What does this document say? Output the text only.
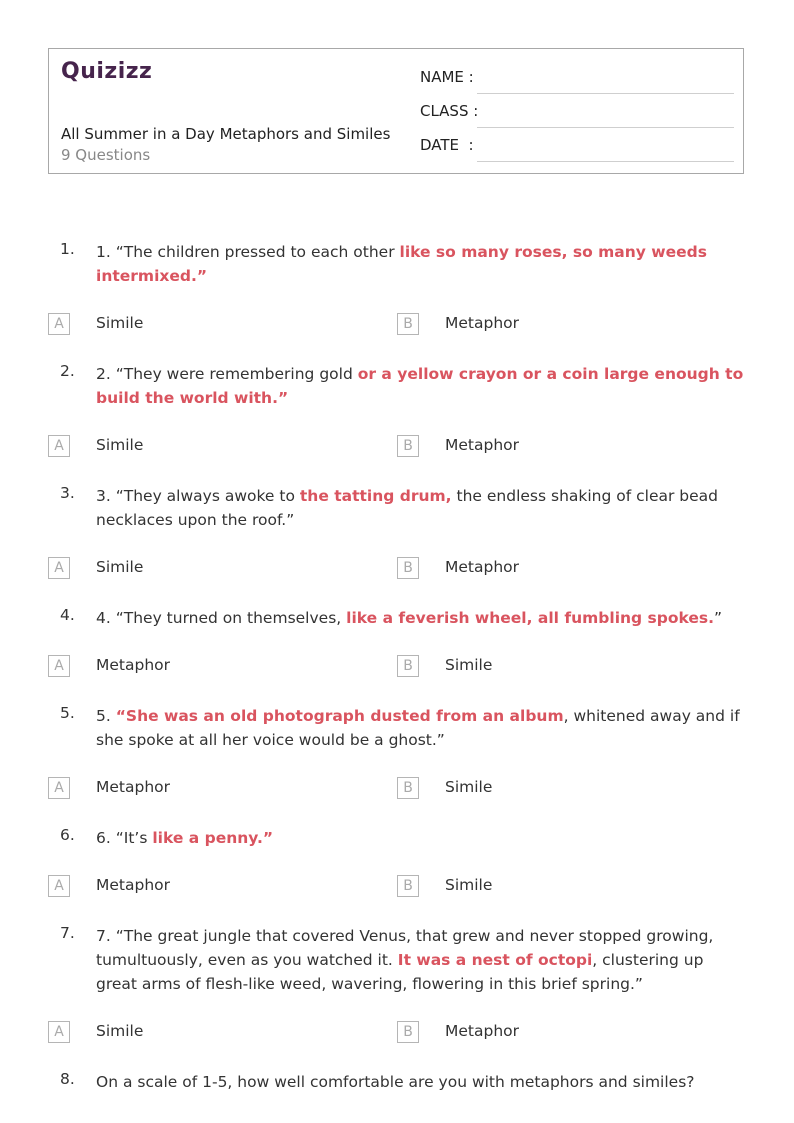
Quizizz
All Summer in a Day Metaphors and Similes
9 Questions
NAME :
CLASS :
DATE  :
1.	1. “The children pressed to each other like so many roses, so many weeds intermixed.”
A	Simile	B	Metaphor
2.	2. “They were remembering gold or a yellow crayon or a coin large enough to build the world with.”
A	Simile	B	Metaphor
3.	3. “They always awoke to the tatting drum, the endless shaking of clear bead necklaces upon the roof.”
A	Simile	B	Metaphor
4.	4. “They turned on themselves, like a feverish wheel, all fumbling spokes.”
A	Metaphor	B	Simile
5.	5. “She was an old photograph dusted from an album, whitened away and if she spoke at all her voice would be a ghost.”
A	Metaphor	B	Simile
6.	6. “It’s like a penny.”
A	Metaphor	B	Simile
7.	7. “The great jungle that covered Venus, that grew and never stopped growing, tumultuously, even as you watched it. It was a nest of octopi, clustering up great arms of flesh-like weed, wavering, flowering in this brief spring.”
A	Simile	B	Metaphor
8.	On a scale of 1-5, how well comfortable are you with metaphors and similes?
